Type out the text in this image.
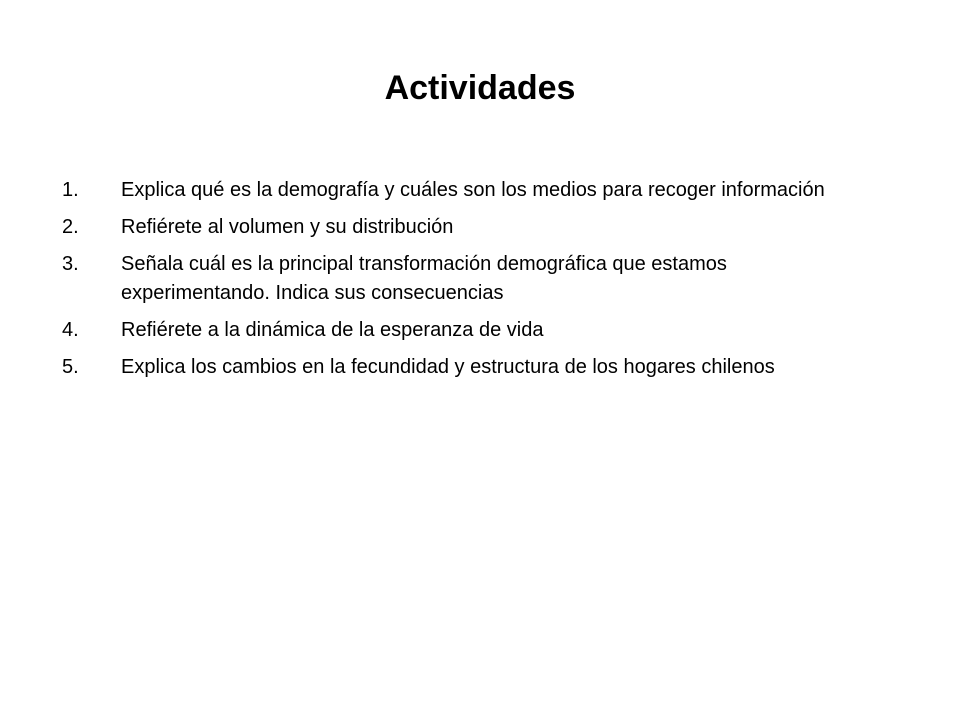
Actividades
1.	Explica qué es la demografía y cuáles son los medios para recoger información
2.	Refiérete al volumen y su distribución
3.	Señala cuál es la principal transformación demográfica que estamos experimentando. Indica sus consecuencias
4.	Refiérete a la dinámica de la esperanza de vida
5.	Explica los cambios en la fecundidad y estructura de los hogares chilenos
